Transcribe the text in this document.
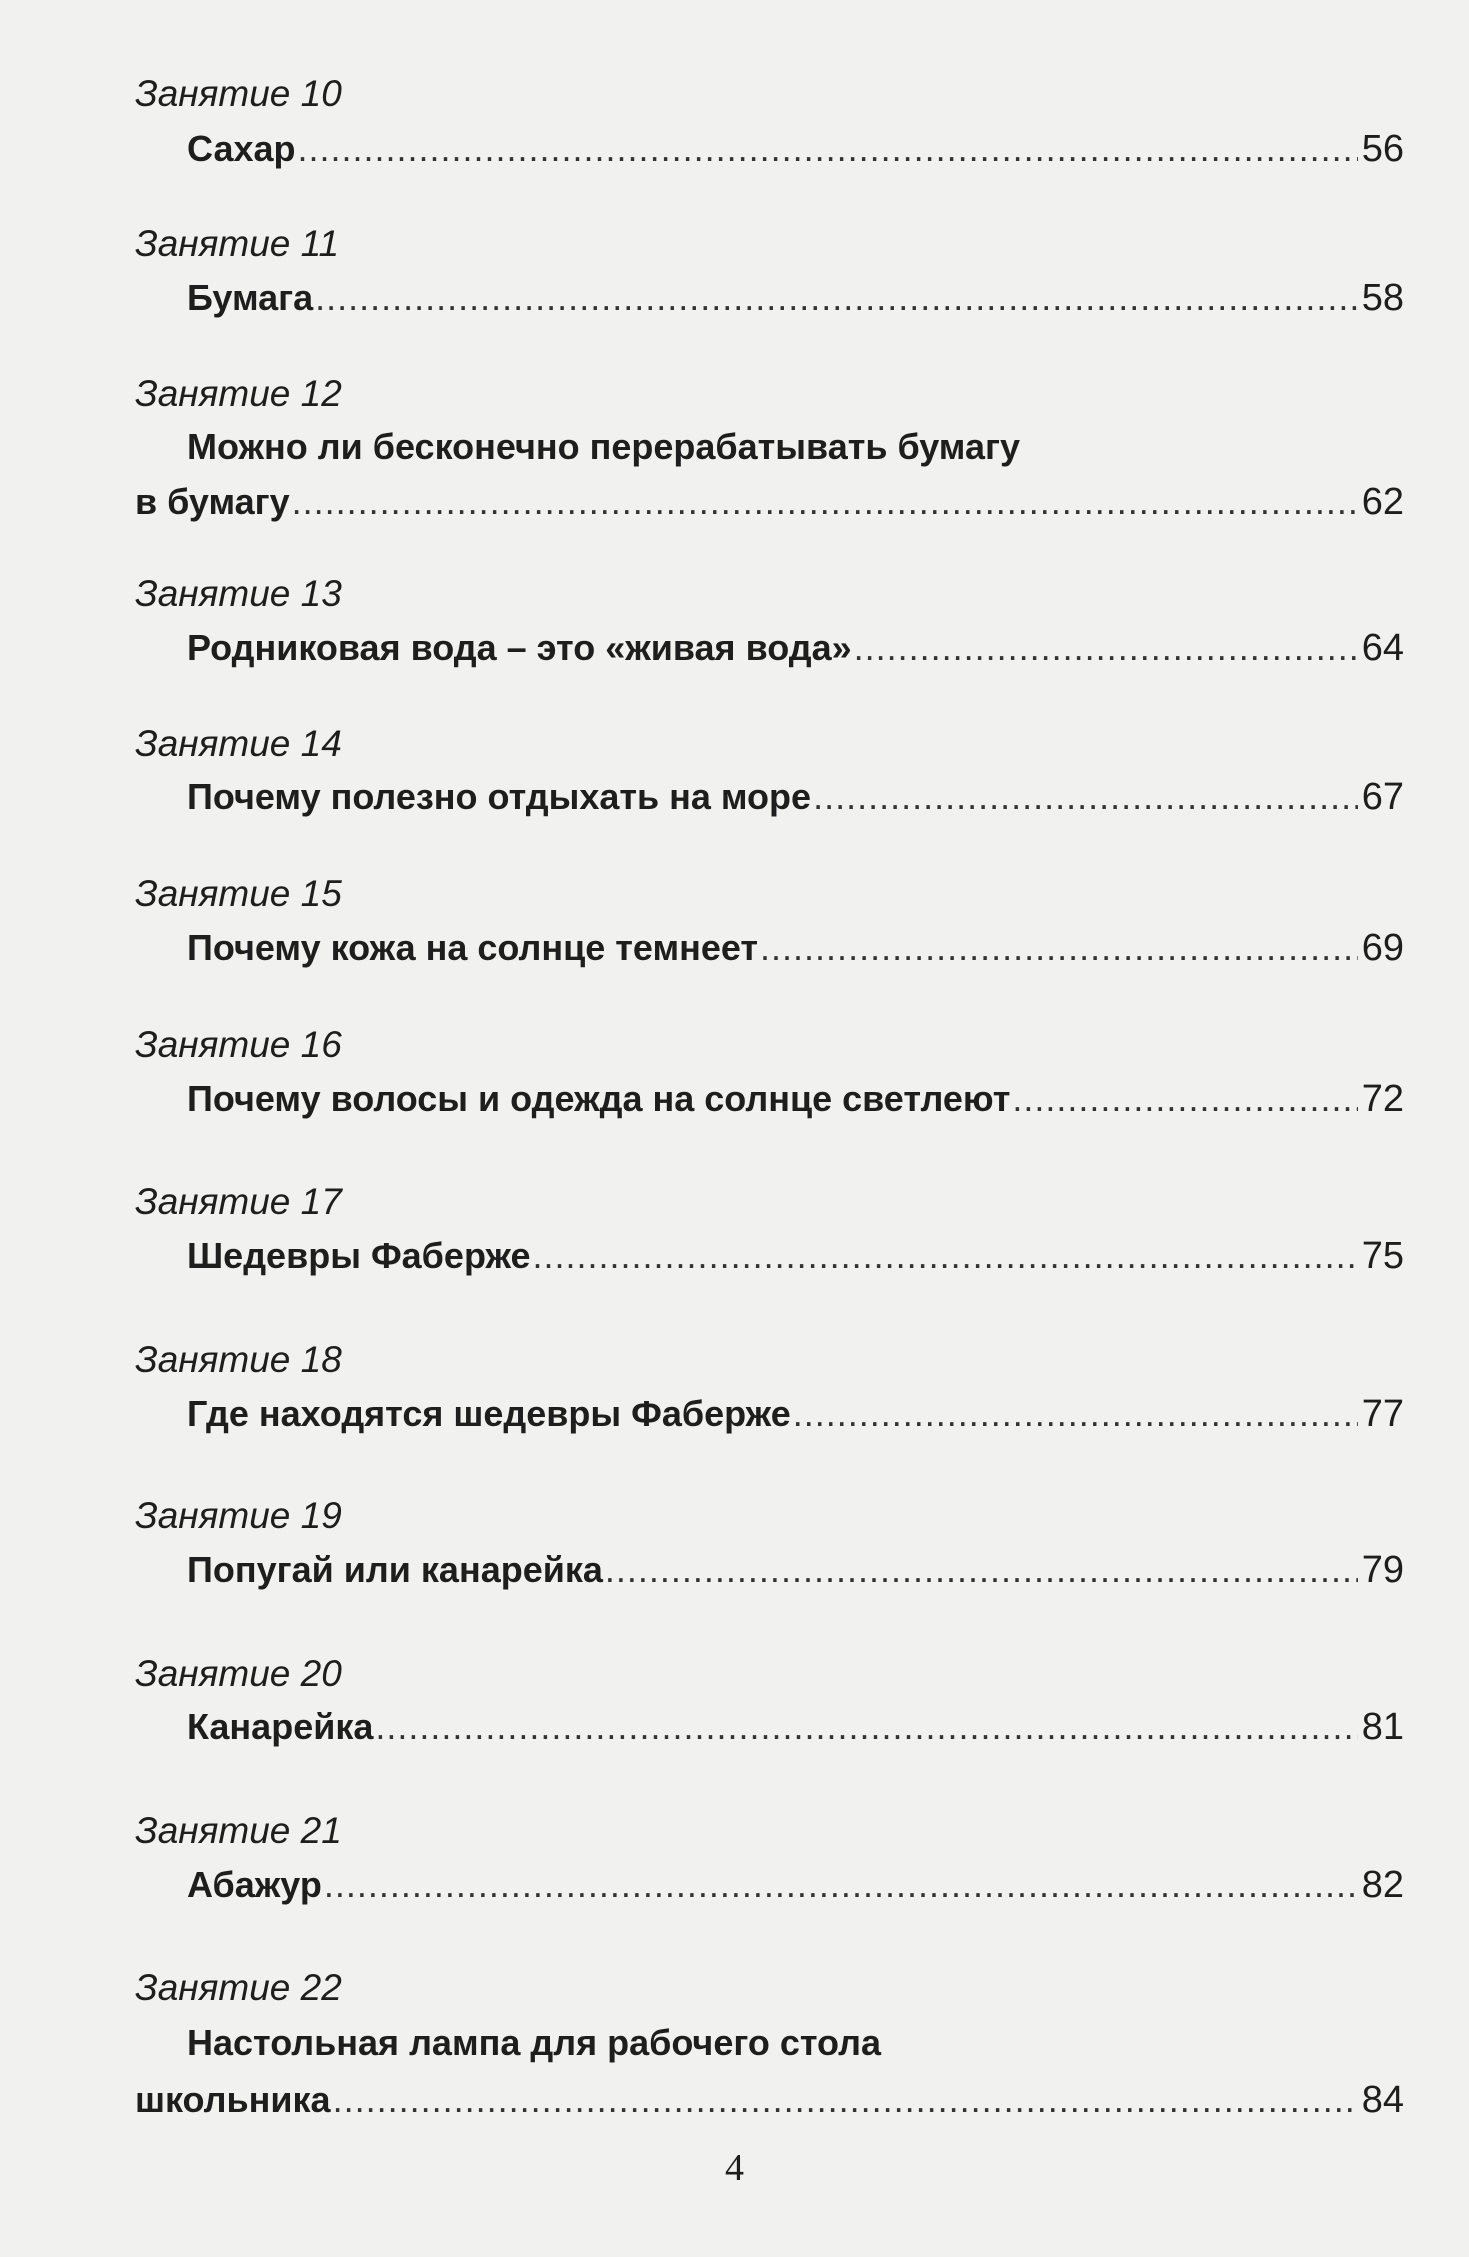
Занятие 10
Сахар .....	56
Занятие 11
Бумага .....	58
Занятие 12
Можно ли бесконечно перерабатывать бумагу
в бумагу .....	62
Занятие 13
Родниковая вода – это «живая вода» .....	64
Занятие 14
Почему полезно отдыхать на море .....	67
Занятие 15
Почему кожа на солнце темнеет .....	69
Занятие 16
Почему волосы и одежда на солнце светлеют .....	72
Занятие 17
Шедевры Фаберже .....	75
Занятие 18
Где находятся шедевры Фаберже .....	77
Занятие 19
Попугай или канарейка .....	79
Занятие 20
Канарейка .....	81
Занятие 21
Абажур .....	82
Занятие 22
Настольная лампа для рабочего стола
школьника .....	84
4
